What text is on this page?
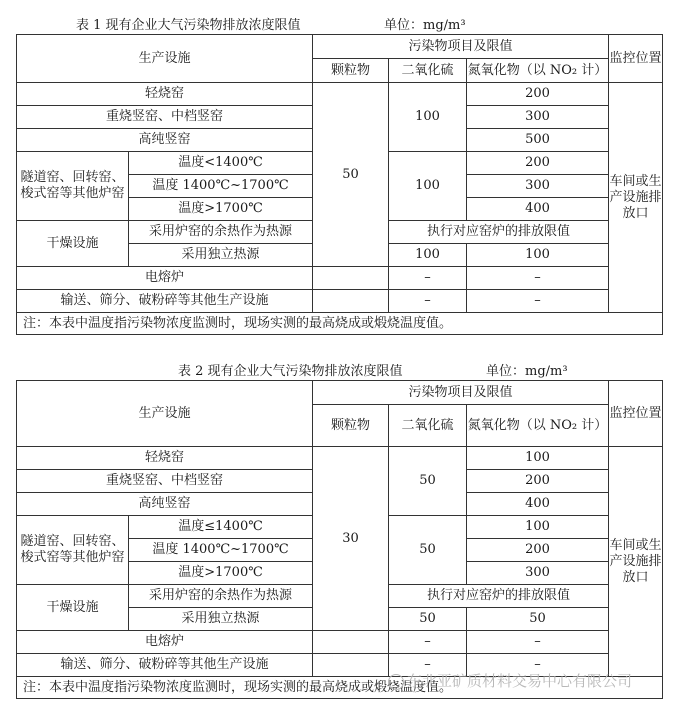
表 1 现有企业大气污染物排放浓度限值	单位：mg/m³
生产设施		污染物项目及限值			监控位置
		颗粒物	二氧化硫	氮氧化物（以 NO₂ 计）	
轻烧窑		50	100	200	车间或生产设施排放口
重烧竖窑、中档竖窑				300	
高纯竖窑				500	
隧道窑、回转窑、梭式窑等其他炉窑	温度<1400℃		100	200	
	温度 1400℃~1700℃			300	
	温度>1700℃			400	
干燥设施	采用炉窑的余热作为热源		执行对应窑炉的排放限值		
	采用独立热源		100	100	
电熔炉			–	–	
输送、筛分、破粉碎等其他生产设施			–	–	
注：本表中温度指污染物浓度监测时，现场实测的最高烧成或煅烧温度值。					
表 2 现有企业大气污染物排放浓度限值	单位：mg/m³
生产设施		污染物项目及限值			监控位置
		颗粒物	二氧化硫	氮氧化物（以 NO₂ 计）	
轻烧窑		30	50	100	车间或生产设施排放口
重烧竖窑、中档竖窑				200	
高纯竖窑				400	
隧道窑、回转窑、梭式窑等其他炉窑	温度≤1400℃		50	100	
	温度 1400℃~1700℃			200	
	温度>1700℃			300	
干燥设施	采用炉窑的余热作为热源		执行对应窑炉的排放限值		
	采用独立热源		50	50	
电熔炉			–	–	
输送、筛分、破粉碎等其他生产设施			–	–	
注：本表中温度指污染物浓度监测时，现场实测的最高烧成或煅烧温度值。					
东北亚矿质材料交易中心有限公司
